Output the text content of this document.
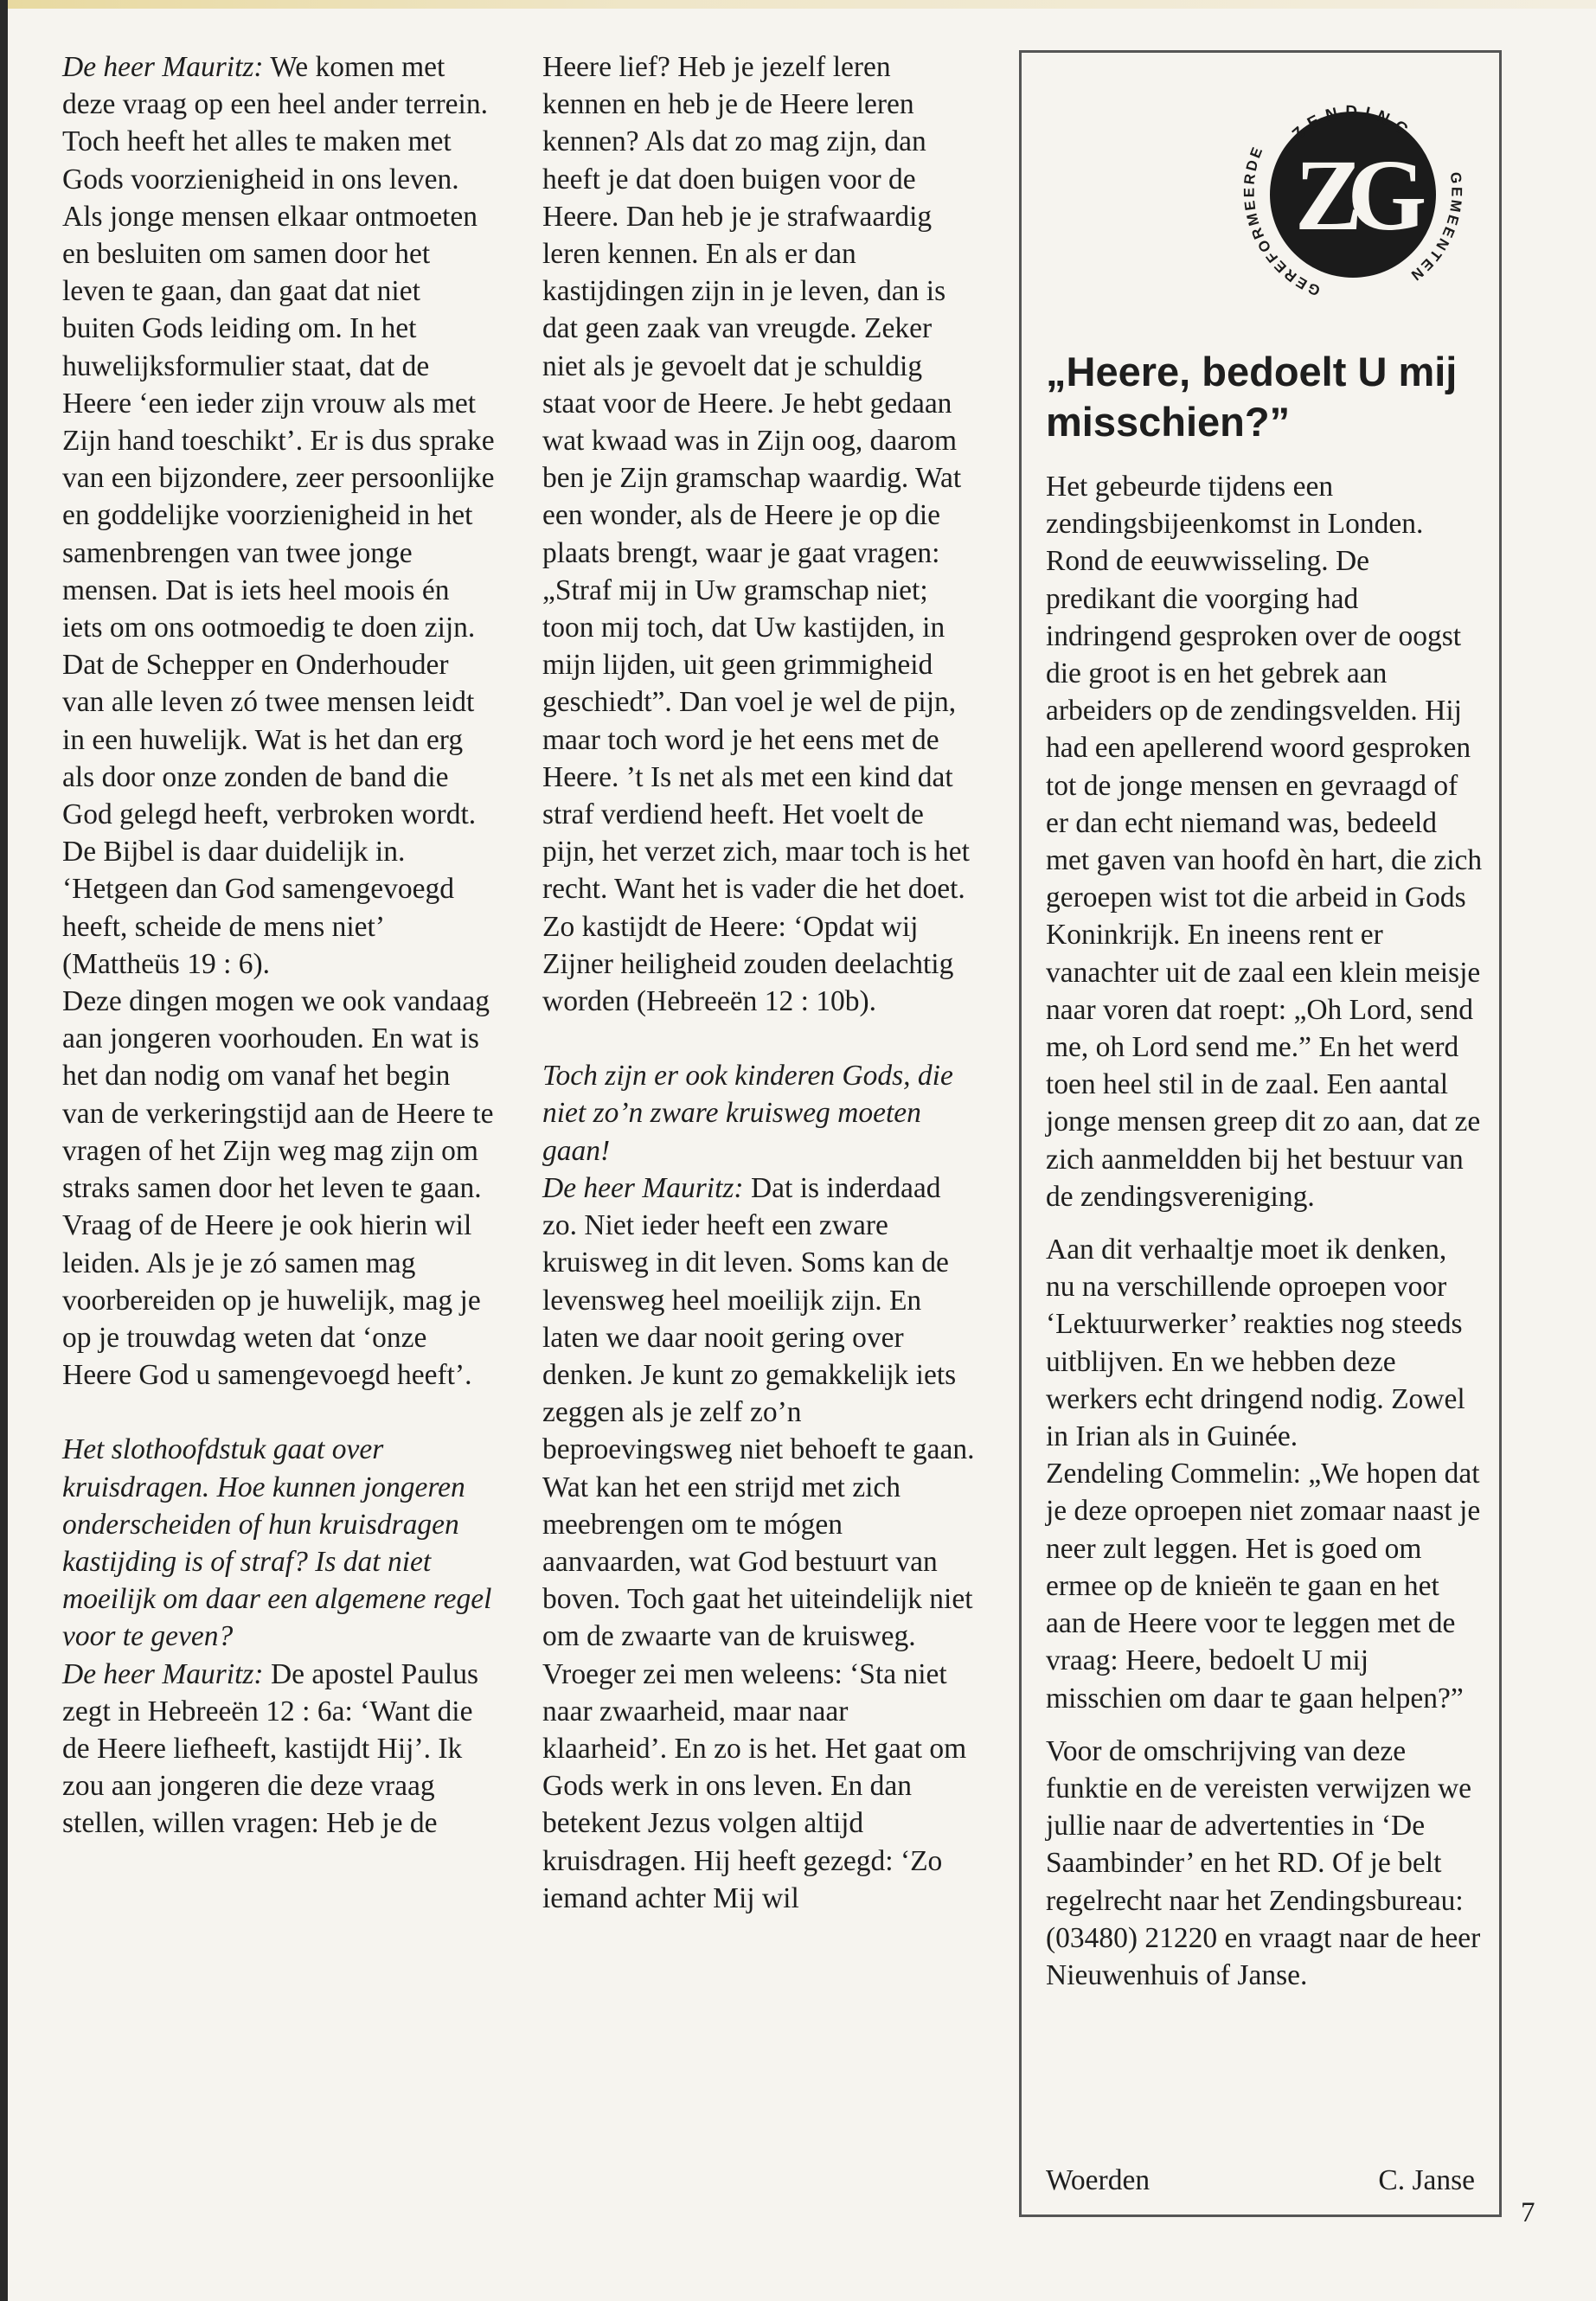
De heer Mauritz: We komen met deze vraag op een heel ander terrein. Toch heeft het alles te maken met Gods voorzienigheid in ons leven. Als jonge mensen elkaar ontmoeten en besluiten om samen door het leven te gaan, dan gaat dat niet buiten Gods leiding om. In het huwelijksformulier staat, dat de Heere ‘een ieder zijn vrouw als met Zijn hand toeschikt’. Er is dus sprake van een bijzondere, zeer persoonlijke en goddelijke voorzienigheid in het samenbrengen van twee jonge mensen. Dat is iets heel moois én iets om ons ootmoedig te doen zijn. Dat de Schepper en Onderhouder van alle leven zó twee mensen leidt in een huwelijk. Wat is het dan erg als door onze zonden de band die God gelegd heeft, verbroken wordt. De Bijbel is daar duidelijk in. ‘Hetgeen dan God samengevoegd heeft, scheide de mens niet’ (Mattheüs 19 : 6).

Deze dingen mogen we ook vandaag aan jongeren voorhouden. En wat is het dan nodig om vanaf het begin van de verkeringstijd aan de Heere te vragen of het Zijn weg mag zijn om straks samen door het leven te gaan. Vraag of de Heere je ook hierin wil leiden. Als je je zó samen mag voorbereiden op je huwelijk, mag je op je trouwdag weten dat ‘onze Heere God u samengevoegd heeft’.

Het slothoofdstuk gaat over kruisdragen. Hoe kunnen jongeren onderscheiden of hun kruisdragen kastijding is of straf? Is dat niet moeilijk om daar een algemene regel voor te geven?

De heer Mauritz: De apostel Paulus zegt in Hebreeën 12 : 6a: ‘Want die de Heere liefheeft, kastijdt Hij’. Ik zou aan jongeren die deze vraag stellen, willen vragen: Heb je de

Heere lief? Heb je jezelf leren kennen en heb je de Heere leren kennen? Als dat zo mag zijn, dan heeft je dat doen buigen voor de Heere. Dan heb je je strafwaardig leren kennen. En als er dan kastijdingen zijn in je leven, dan is dat geen zaak van vreugde. Zeker niet als je gevoelt dat je schuldig staat voor de Heere. Je hebt gedaan wat kwaad was in Zijn oog, daarom ben je Zijn gramschap waardig. Wat een wonder, als de Heere je op die plaats brengt, waar je gaat vragen: „Straf mij in Uw gramschap niet; toon mij toch, dat Uw kastijden, in mijn lijden, uit geen grimmigheid geschiedt”. Dan voel je wel de pijn, maar toch word je het eens met de Heere. ’t Is net als met een kind dat straf verdiend heeft. Het voelt de pijn, het verzet zich, maar toch is het recht. Want het is vader die het doet. Zo kastijdt de Heere: ‘Opdat wij Zijner heiligheid zouden deelachtig worden (Hebreeën 12 : 10b).

Toch zijn er ook kinderen Gods, die niet zo’n zware kruisweg moeten gaan!

De heer Mauritz: Dat is inderdaad zo. Niet ieder heeft een zware kruisweg in dit leven. Soms kan de levensweg heel moeilijk zijn. En laten we daar nooit gering over denken. Je kunt zo gemakkelijk iets zeggen als je zelf zo’n beproevingsweg niet behoeft te gaan. Wat kan het een strijd met zich meebrengen om te mógen aanvaarden, wat God bestuurt van boven. Toch gaat het uiteindelijk niet om de zwaarte van de kruisweg. Vroeger zei men weleens: ‘Sta niet naar zwaarheid, maar naar klaarheid’. En zo is het. Het gaat om Gods werk in ons leven. En dan betekent Jezus volgen altijd kruisdragen. Hij heeft gezegd: ‘Zo iemand achter Mij wil

ZENDING
GEREFORMEERDE
GEMEENTEN
ZG
„Heere, bedoelt U mij misschien?”

Het gebeurde tijdens een zendingsbijeenkomst in Londen. Rond de eeuwwisseling. De predikant die voorging had indringend gesproken over de oogst die groot is en het gebrek aan arbeiders op de zendingsvelden. Hij had een apellerend woord gesproken tot de jonge mensen en gevraagd of er dan echt niemand was, bedeeld met gaven van hoofd èn hart, die zich geroepen wist tot die arbeid in Gods Koninkrijk. En ineens rent er vanachter uit de zaal een klein meisje naar voren dat roept: „Oh Lord, send me, oh Lord send me.” En het werd toen heel stil in de zaal. Een aantal jonge mensen greep dit zo aan, dat ze zich aanmeldden bij het bestuur van de zendingsvereniging.

Aan dit verhaaltje moet ik denken, nu na verschillende oproepen voor ‘Lektuurwerker’ reakties nog steeds uitblijven. En we hebben deze werkers echt dringend nodig. Zowel in Irian als in Guinée.

Zendeling Commelin: „We hopen dat je deze oproepen niet zomaar naast je neer zult leggen. Het is goed om ermee op de knieën te gaan en het aan de Heere voor te leggen met de vraag: Heere, bedoelt U mij misschien om daar te gaan helpen?”

Voor de omschrijving van deze funktie en de vereisten verwijzen we jullie naar de advertenties in ‘De Saambinder’ en het RD. Of je belt regelrecht naar het Zendingsbureau: (03480) 21220 en vraagt naar de heer Nieuwenhuis of Janse.

Woerden	C. Janse
7
